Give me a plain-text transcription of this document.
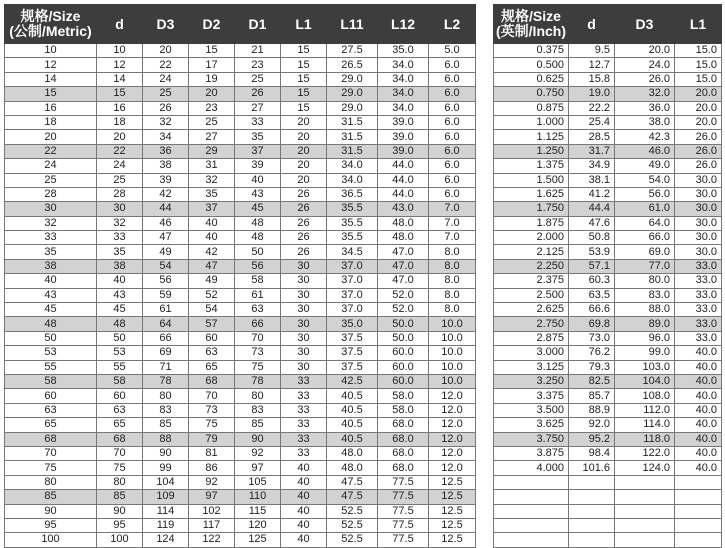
规格/Size
(公制/Metric)	d	D3	D2	D1	L1	L11	L12	L2
10	10	20	15	21	15	27.5	35.0	5.0
12	12	22	17	23	15	26.5	34.0	6.0
14	14	24	19	25	15	29.0	34.0	6.0
15	15	25	20	26	15	29.0	34.0	6.0
16	16	26	23	27	15	29.0	34.0	6.0
18	18	32	25	33	20	31.5	39.0	6.0
20	20	34	27	35	20	31.5	39.0	6.0
22	22	36	29	37	20	31.5	39.0	6.0
24	24	38	31	39	20	34.0	44.0	6.0
25	25	39	32	40	20	34.0	44.0	6.0
28	28	42	35	43	26	36.5	44.0	6.0
30	30	44	37	45	26	35.5	43.0	7.0
32	32	46	40	48	26	35.5	48.0	7.0
33	33	47	40	48	26	35.5	48.0	7.0
35	35	49	42	50	26	34.5	47.0	8.0
38	38	54	47	56	30	37.0	47.0	8.0
40	40	56	49	58	30	37.0	47.0	8.0
43	43	59	52	61	30	37.0	52.0	8.0
45	45	61	54	63	30	37.0	52.0	8.0
48	48	64	57	66	30	35.0	50.0	10.0
50	50	66	60	70	30	37.5	50.0	10.0
53	53	69	63	73	30	37.5	60.0	10.0
55	55	71	65	75	30	37.5	60.0	10.0
58	58	78	68	78	33	42.5	60.0	10.0
60	60	80	70	80	33	40.5	58.0	12.0
63	63	83	73	83	33	40.5	58.0	12.0
65	65	85	75	85	33	40.5	68.0	12.0
68	68	88	79	90	33	40.5	68.0	12.0
70	70	90	81	92	33	48.0	68.0	12.0
75	75	99	86	97	40	48.0	68.0	12.0
80	80	104	92	105	40	47.5	77.5	12.5
85	85	109	97	110	40	47.5	77.5	12.5
90	90	114	102	115	40	52.5	77.5	12.5
95	95	119	117	120	40	52.5	77.5	12.5
100	100	124	122	125	40	52.5	77.5	12.5
规格/Size
(英制/Inch)	d	D3	L1
0.375	9.5	20.0	15.0
0.500	12.7	24.0	15.0
0.625	15.8	26.0	15.0
0.750	19.0	32.0	20.0
0.875	22.2	36.0	20.0
1.000	25.4	38.0	20.0
1.125	28.5	42.3	26.0
1.250	31.7	46.0	26.0
1.375	34.9	49.0	26.0
1.500	38.1	54.0	30.0
1.625	41.2	56.0	30.0
1.750	44.4	61.0	30.0
1.875	47.6	64.0	30.0
2.000	50.8	66.0	30.0
2.125	53.9	69.0	30.0
2.250	57.1	77.0	33.0
2.375	60.3	80.0	33.0
2.500	63.5	83.0	33.0
2.625	66.6	88.0	33.0
2.750	69.8	89.0	33.0
2.875	73.0	96.0	33.0
3.000	76.2	99.0	40.0
3.125	79.3	103.0	40.0
3.250	82.5	104.0	40.0
3.375	85.7	108.0	40.0
3.500	88.9	112.0	40.0
3.625	92.0	114.0	40.0
3.750	95.2	118.0	40.0
3.875	98.4	122.0	40.0
4.000	101.6	124.0	40.0
